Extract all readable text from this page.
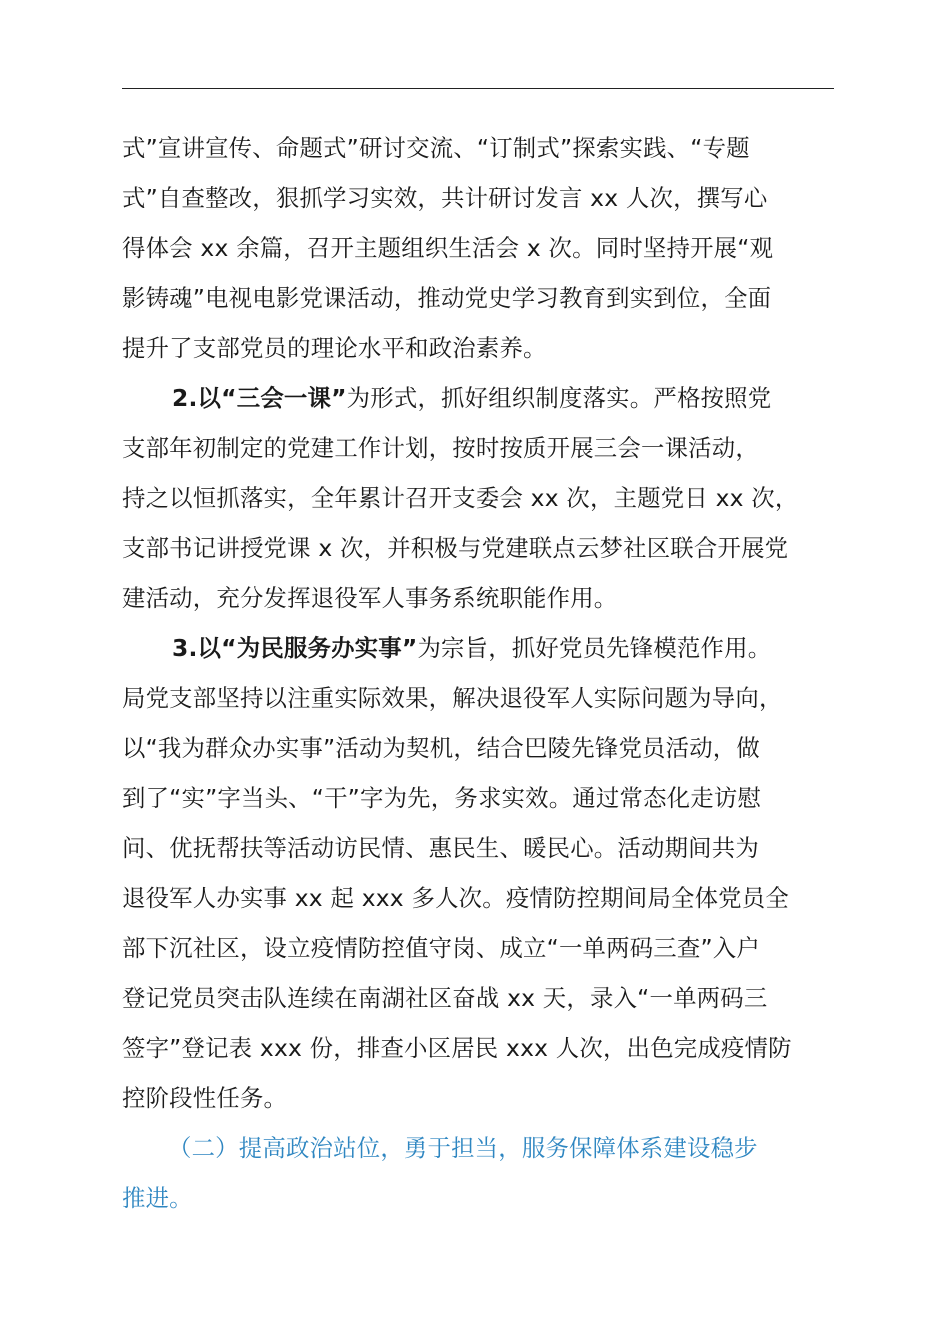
式”宣讲宣传、命题式”研讨交流、“订制式”探索实践、“专题
式”自查整改，狠抓学习实效，共计研讨发言 xx 人次，撰写心
得体会 xx 余篇，召开主题组织生活会 x 次。同时坚持开展“观
影铸魂”电视电影党课活动，推动党史学习教育到实到位，全面
提升了支部党员的理论水平和政治素养。
2.以“三会一课”为形式，抓好组织制度落实。严格按照党
支部年初制定的党建工作计划，按时按质开展三会一课活动，
持之以恒抓落实，全年累计召开支委会 xx 次，主题党日 xx 次，
支部书记讲授党课 x 次，并积极与党建联点云梦社区联合开展党
建活动，充分发挥退役军人事务系统职能作用。
3.以“为民服务办实事”为宗旨，抓好党员先锋模范作用。
局党支部坚持以注重实际效果，解决退役军人实际问题为导向，
以“我为群众办实事”活动为契机，结合巴陵先锋党员活动，做
到了“实”字当头、“干”字为先，务求实效。通过常态化走访慰
问、优抚帮扶等活动访民情、惠民生、暖民心。活动期间共为
退役军人办实事 xx 起 xxx 多人次。疫情防控期间局全体党员全
部下沉社区，设立疫情防控值守岗、成立“一单两码三查”入户
登记党员突击队连续在南湖社区奋战 xx 天，录入“一单两码三
签字”登记表 xxx 份，排查小区居民 xxx 人次，出色完成疫情防
控阶段性任务。
（二）提高政治站位，勇于担当，服务保障体系建设稳步
推进。
